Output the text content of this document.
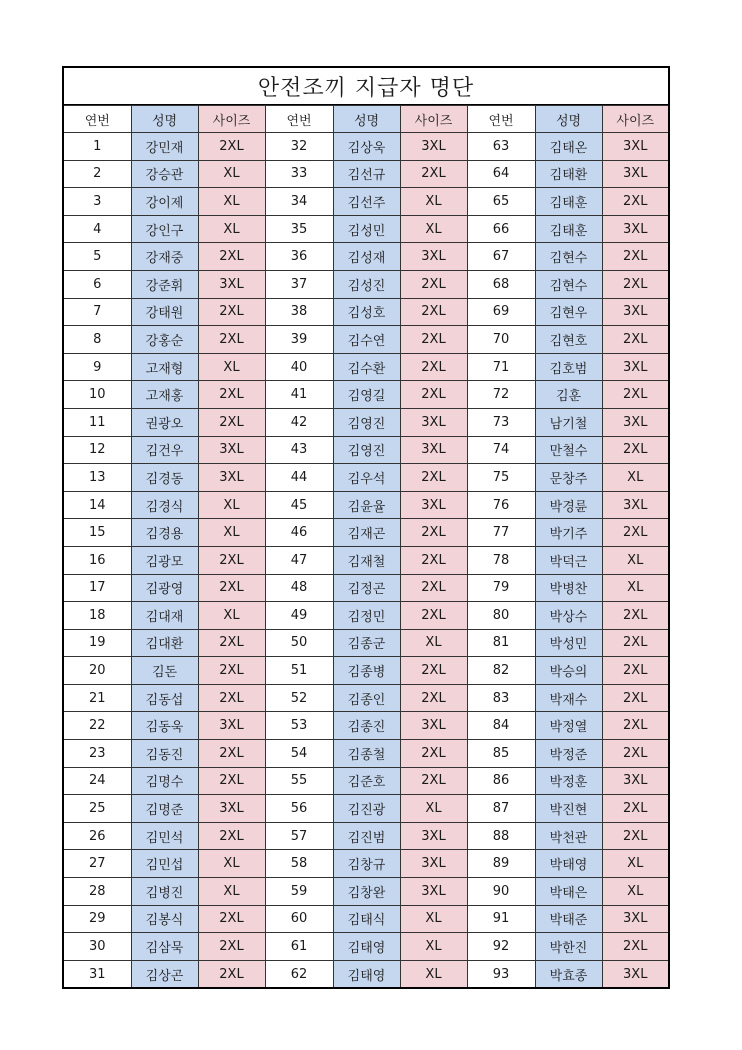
안전조끼 지급자 명단
연번	성명	사이즈	연번	성명	사이즈	연번	성명	사이즈
1	강민재	2XL	32	김상욱	3XL	63	김태온	3XL
2	강승관	XL	33	김선규	2XL	64	김태환	3XL
3	강이제	XL	34	김선주	XL	65	김태훈	2XL
4	강인구	XL	35	김성민	XL	66	김태훈	3XL
5	강재중	2XL	36	김성재	3XL	67	김현수	2XL
6	강준휘	3XL	37	김성진	2XL	68	김현수	2XL
7	강태원	2XL	38	김성호	2XL	69	김현우	3XL
8	강홍순	2XL	39	김수연	2XL	70	김현호	2XL
9	고재형	XL	40	김수환	2XL	71	김호범	3XL
10	고재홍	2XL	41	김영길	2XL	72	김훈	2XL
11	권광오	2XL	42	김영진	3XL	73	남기철	3XL
12	김건우	3XL	43	김영진	3XL	74	만철수	2XL
13	김경동	3XL	44	김우석	2XL	75	문창주	XL
14	김경식	XL	45	김윤율	3XL	76	박경륜	3XL
15	김경용	XL	46	김재곤	2XL	77	박기주	2XL
16	김광모	2XL	47	김재철	2XL	78	박덕근	XL
17	김광영	2XL	48	김정곤	2XL	79	박병찬	XL
18	김대재	XL	49	김정민	2XL	80	박상수	2XL
19	김대환	2XL	50	김종군	XL	81	박성민	2XL
20	김돈	2XL	51	김종병	2XL	82	박승의	2XL
21	김동섭	2XL	52	김종인	2XL	83	박재수	2XL
22	김동욱	3XL	53	김종진	3XL	84	박정열	2XL
23	김동진	2XL	54	김종철	2XL	85	박정준	2XL
24	김명수	2XL	55	김준호	2XL	86	박정훈	3XL
25	김명준	3XL	56	김진광	XL	87	박진현	2XL
26	김민석	2XL	57	김진범	3XL	88	박천관	2XL
27	김민섭	XL	58	김창규	3XL	89	박태영	XL
28	김병진	XL	59	김창완	3XL	90	박태은	XL
29	김봉식	2XL	60	김태식	XL	91	박태준	3XL
30	김삼묵	2XL	61	김태영	XL	92	박한진	2XL
31	김상곤	2XL	62	김태영	XL	93	박효종	3XL
